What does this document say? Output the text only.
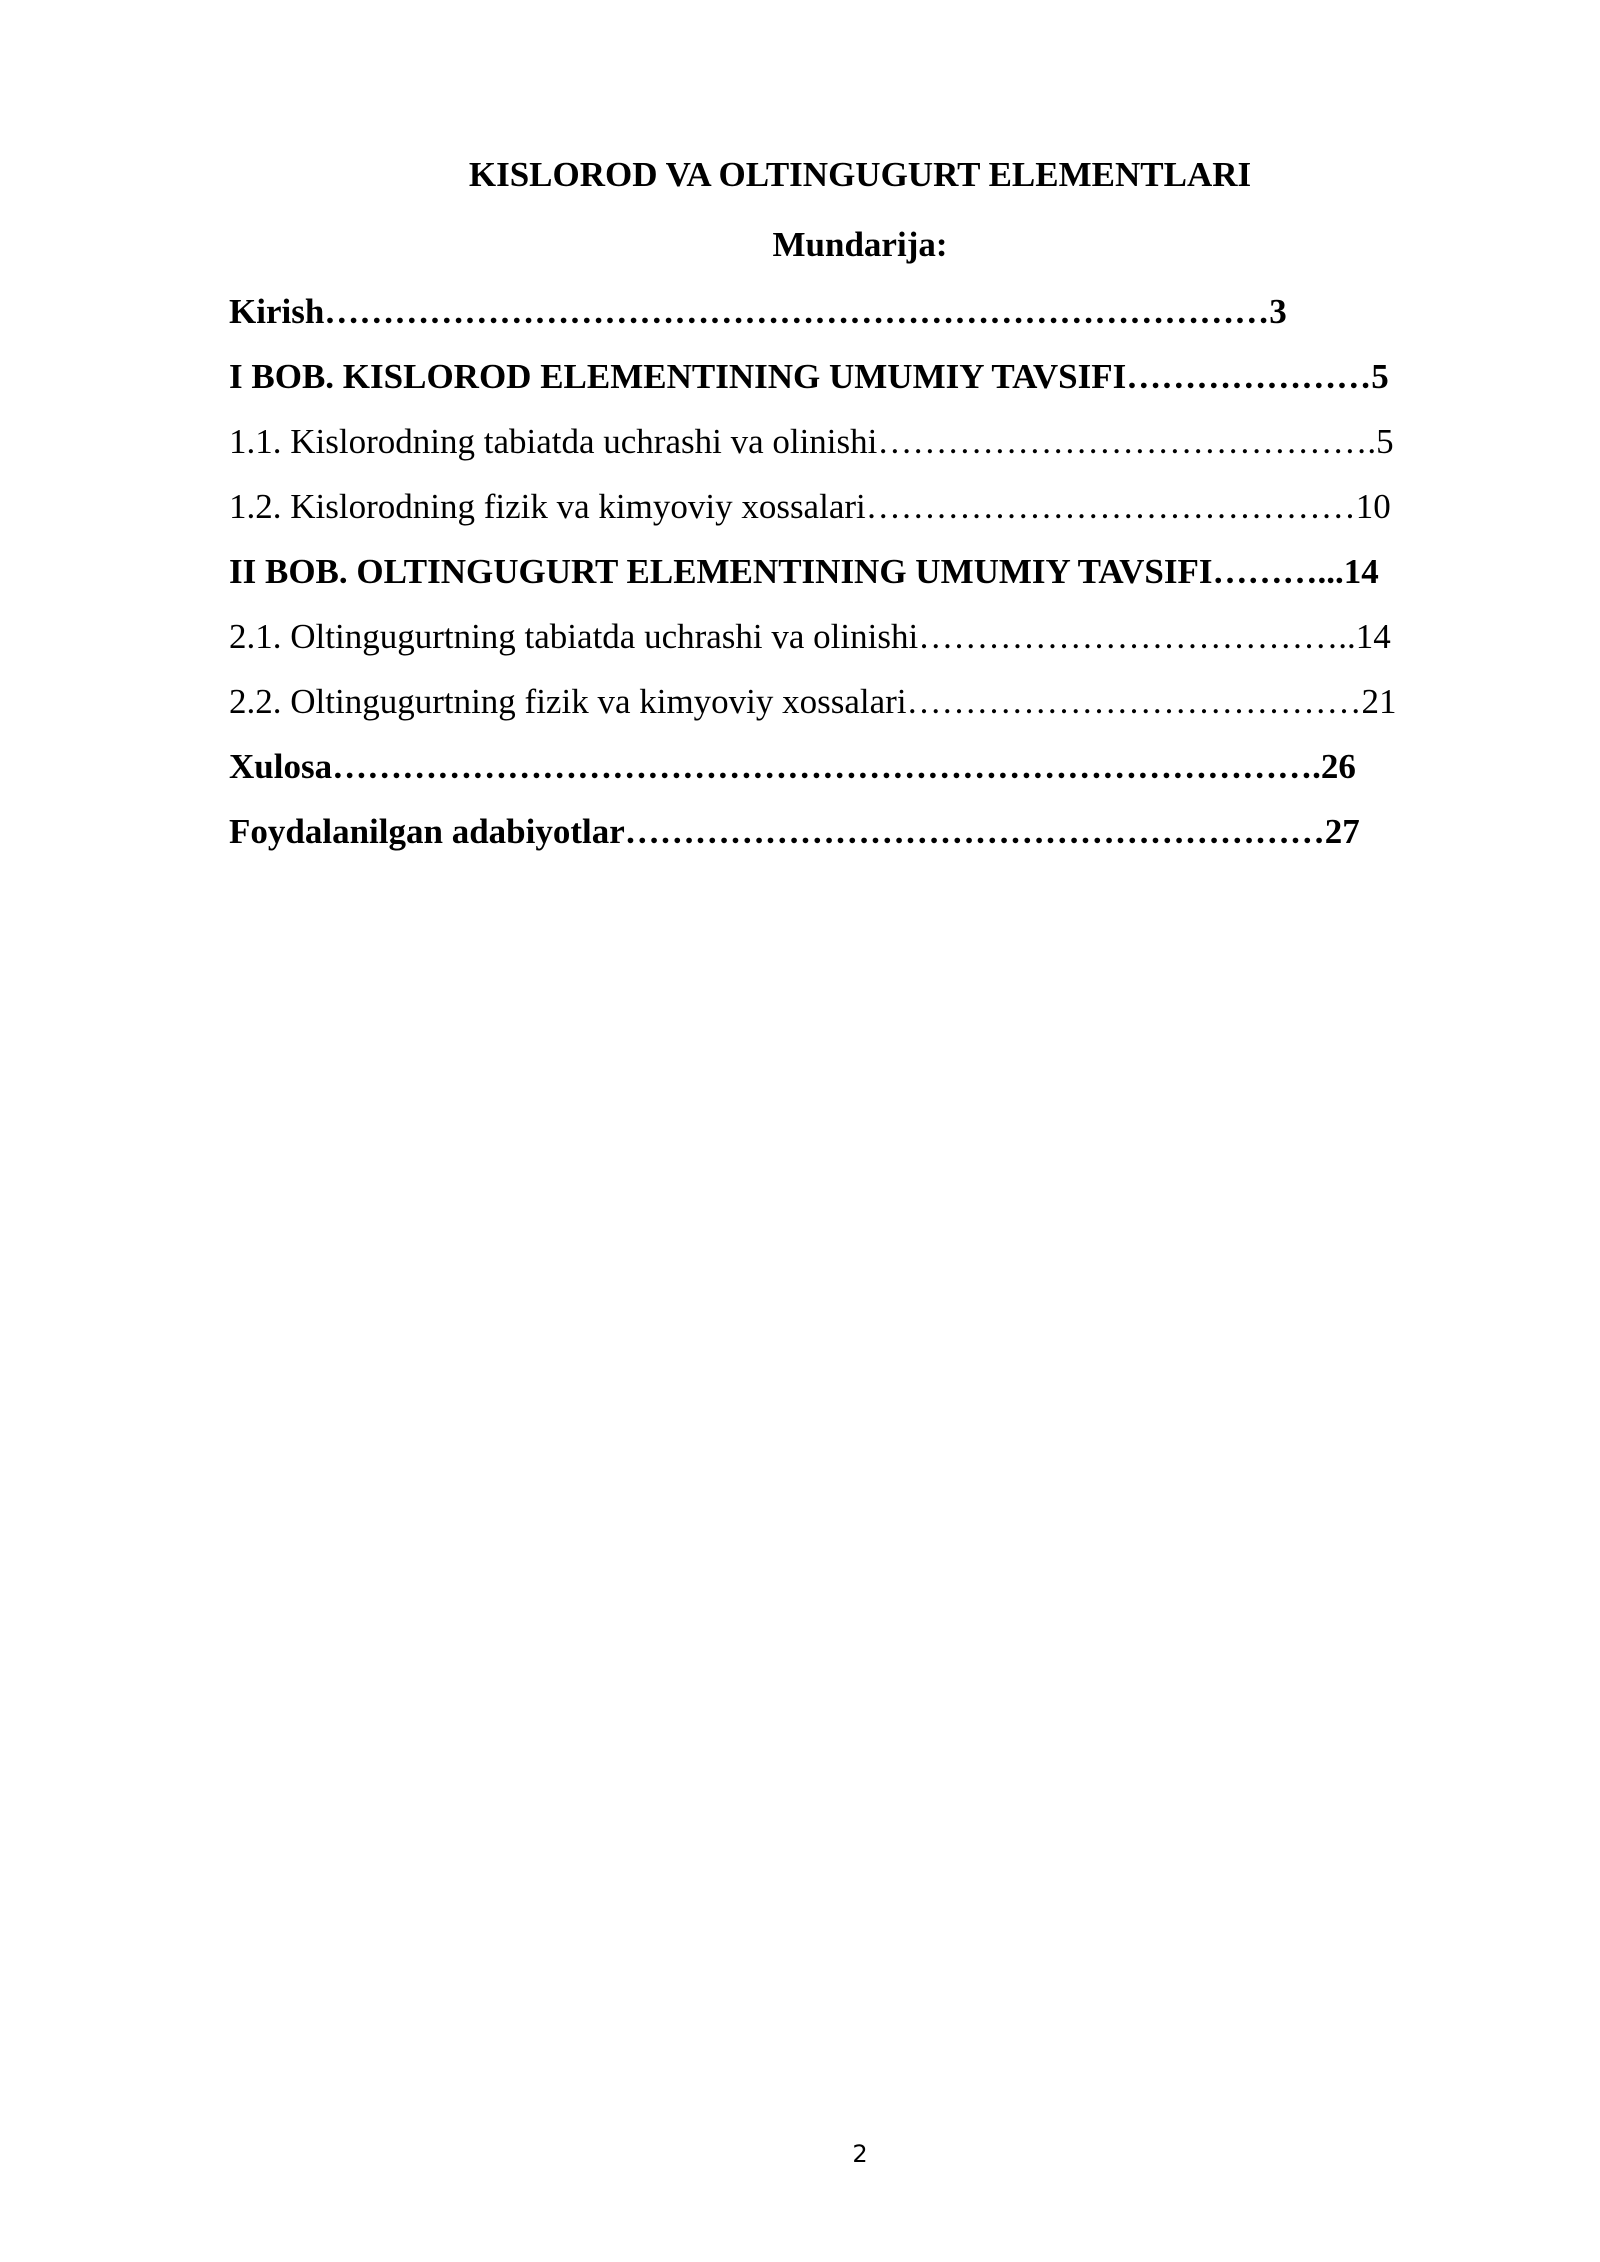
KISLOROD VA OLTINGUGURT ELEMENTLARI
Mundarija:
Kirish………………………………………………………………………3
I BOB. KISLOROD ELEMENTINING UMUMIY TAVSIFI…………………5
1.1. Kislorodning tabiatda uchrashi va olinishi…………………………………….5
1.2. Kislorodning fizik va kimyoviy xossalari……………………………………10
II BOB. OLTINGUGURT ELEMENTINING UMUMIY TAVSIFI………...14
2.1. Oltingugurtning tabiatda uchrashi va olinishi………………………………..14
2.2. Oltingugurtning fizik va kimyoviy xossalari…………………………………21
Xulosa………………………………………………………………………….26
Foydalanilgan adabiyotlar……………………………………………………27
2
